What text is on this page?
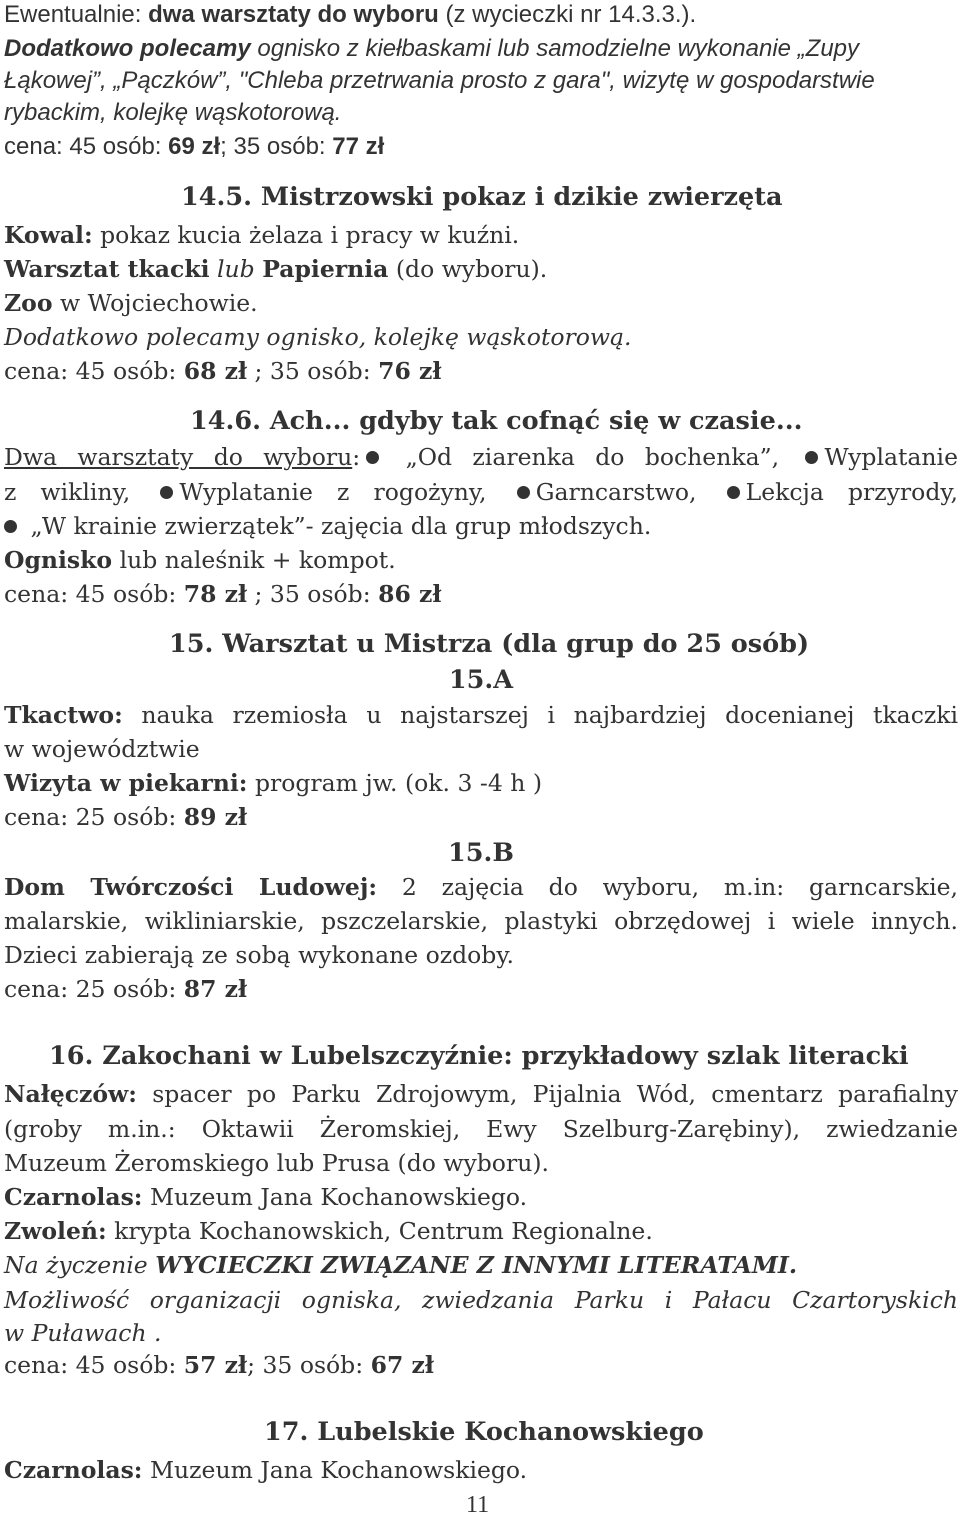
Ewentualnie: dwa warsztaty do wyboru (z wycieczki nr 14.3.3.).
Dodatkowo polecamy ognisko z kiełbaskami lub samodzielne wykonanie „Zupy
Łąkowej”, „Pączków”, "Chleba przetrwania prosto z gara", wizytę w gospodarstwie
rybackim, kolejkę wąskotorową.
cena: 45 osób: 69 zł; 35 osób: 77 zł
14.5. Mistrzowski pokaz i dzikie zwierzęta
Kowal: pokaz kucia żelaza i pracy w kuźni.
Warsztat tkacki lub Papiernia (do wyboru).
Zoo w Wojciechowie.
Dodatkowo polecamy ognisko, kolejkę wąskotorową.
cena: 45 osób: 68 zł ; 35 osób: 76 zł
14.6. Ach... gdyby tak cofnąć się w czasie...
Dwa warsztaty do wyboru: „Od ziarenka do bochenka”, Wyplatanie
z wikliny, Wyplatanie z rogożyny, Garncarstwo, Lekcja przyrody,
„W krainie zwierzątek”- zajęcia dla grup młodszych.
Ognisko lub naleśnik + kompot.
cena: 45 osób: 78 zł ; 35 osób: 86 zł
15. Warsztat u Mistrza (dla grup do 25 osób)
15.A
Tkactwo: nauka rzemiosła u najstarszej i najbardziej docenianej tkaczki
w województwie
Wizyta w piekarni: program jw. (ok. 3 -4 h )
cena: 25 osób: 89 zł
15.B
Dom Twórczości Ludowej: 2 zajęcia do wyboru, m.in: garncarskie,
malarskie, wikliniarskie, pszczelarskie, plastyki obrzędowej i wiele innych.
Dzieci zabierają ze sobą wykonane ozdoby.
cena: 25 osób: 87 zł
16. Zakochani w Lubelszczyźnie: przykładowy szlak literacki
Nałęczów: spacer po Parku Zdrojowym, Pijalnia Wód, cmentarz parafialny
(groby m.in.: Oktawii Żeromskiej, Ewy Szelburg-Zarębiny), zwiedzanie
Muzeum Żeromskiego lub Prusa (do wyboru).
Czarnolas: Muzeum Jana Kochanowskiego.
Zwoleń: krypta Kochanowskich, Centrum Regionalne.
Na życzenie WYCIECZKI ZWIĄZANE Z INNYMI LITERATAMI.
Możliwość organizacji ogniska, zwiedzania Parku i Pałacu Czartoryskich
w Puławach .
cena: 45 osób: 57 zł; 35 osób: 67 zł
17. Lubelskie Kochanowskiego
Czarnolas: Muzeum Jana Kochanowskiego.
11
